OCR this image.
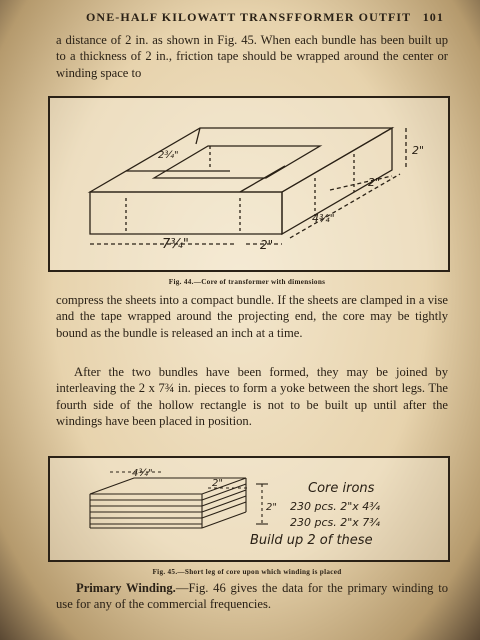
ONE-HALF KILOWATT TRANSFFORMER OUTFIT 101
a distance of 2 in. as shown in Fig. 45. When each bundle has been built up to a thickness of 2 in., friction tape should be wrapped around the center or winding space to
7¾"	2"
4¾"
2"
2"
2¾"
Fig. 44.—Core of transformer with dimensions
compress the sheets into a compact bundle. If the sheets are clamped in a vise and the tape wrapped around the projecting end, the core may be tightly bound as the bundle is released an inch at a time.
After the two bundles have been formed, they may be joined by interleaving the 2 x 7¾ in. pieces to form a yoke between the short legs. The fourth side of the hollow rectangle is not to be built up until after the windings have been placed in position.
4¾"
2"
2"
Core irons
230 pcs. 2"x 4¾
230 pcs. 2"x 7¾
Build up 2 of these
Fig. 45.—Short leg of core upon which winding is placed
Primary Winding.—Fig. 46 gives the data for the primary winding to use for any of the commercial frequencies.
